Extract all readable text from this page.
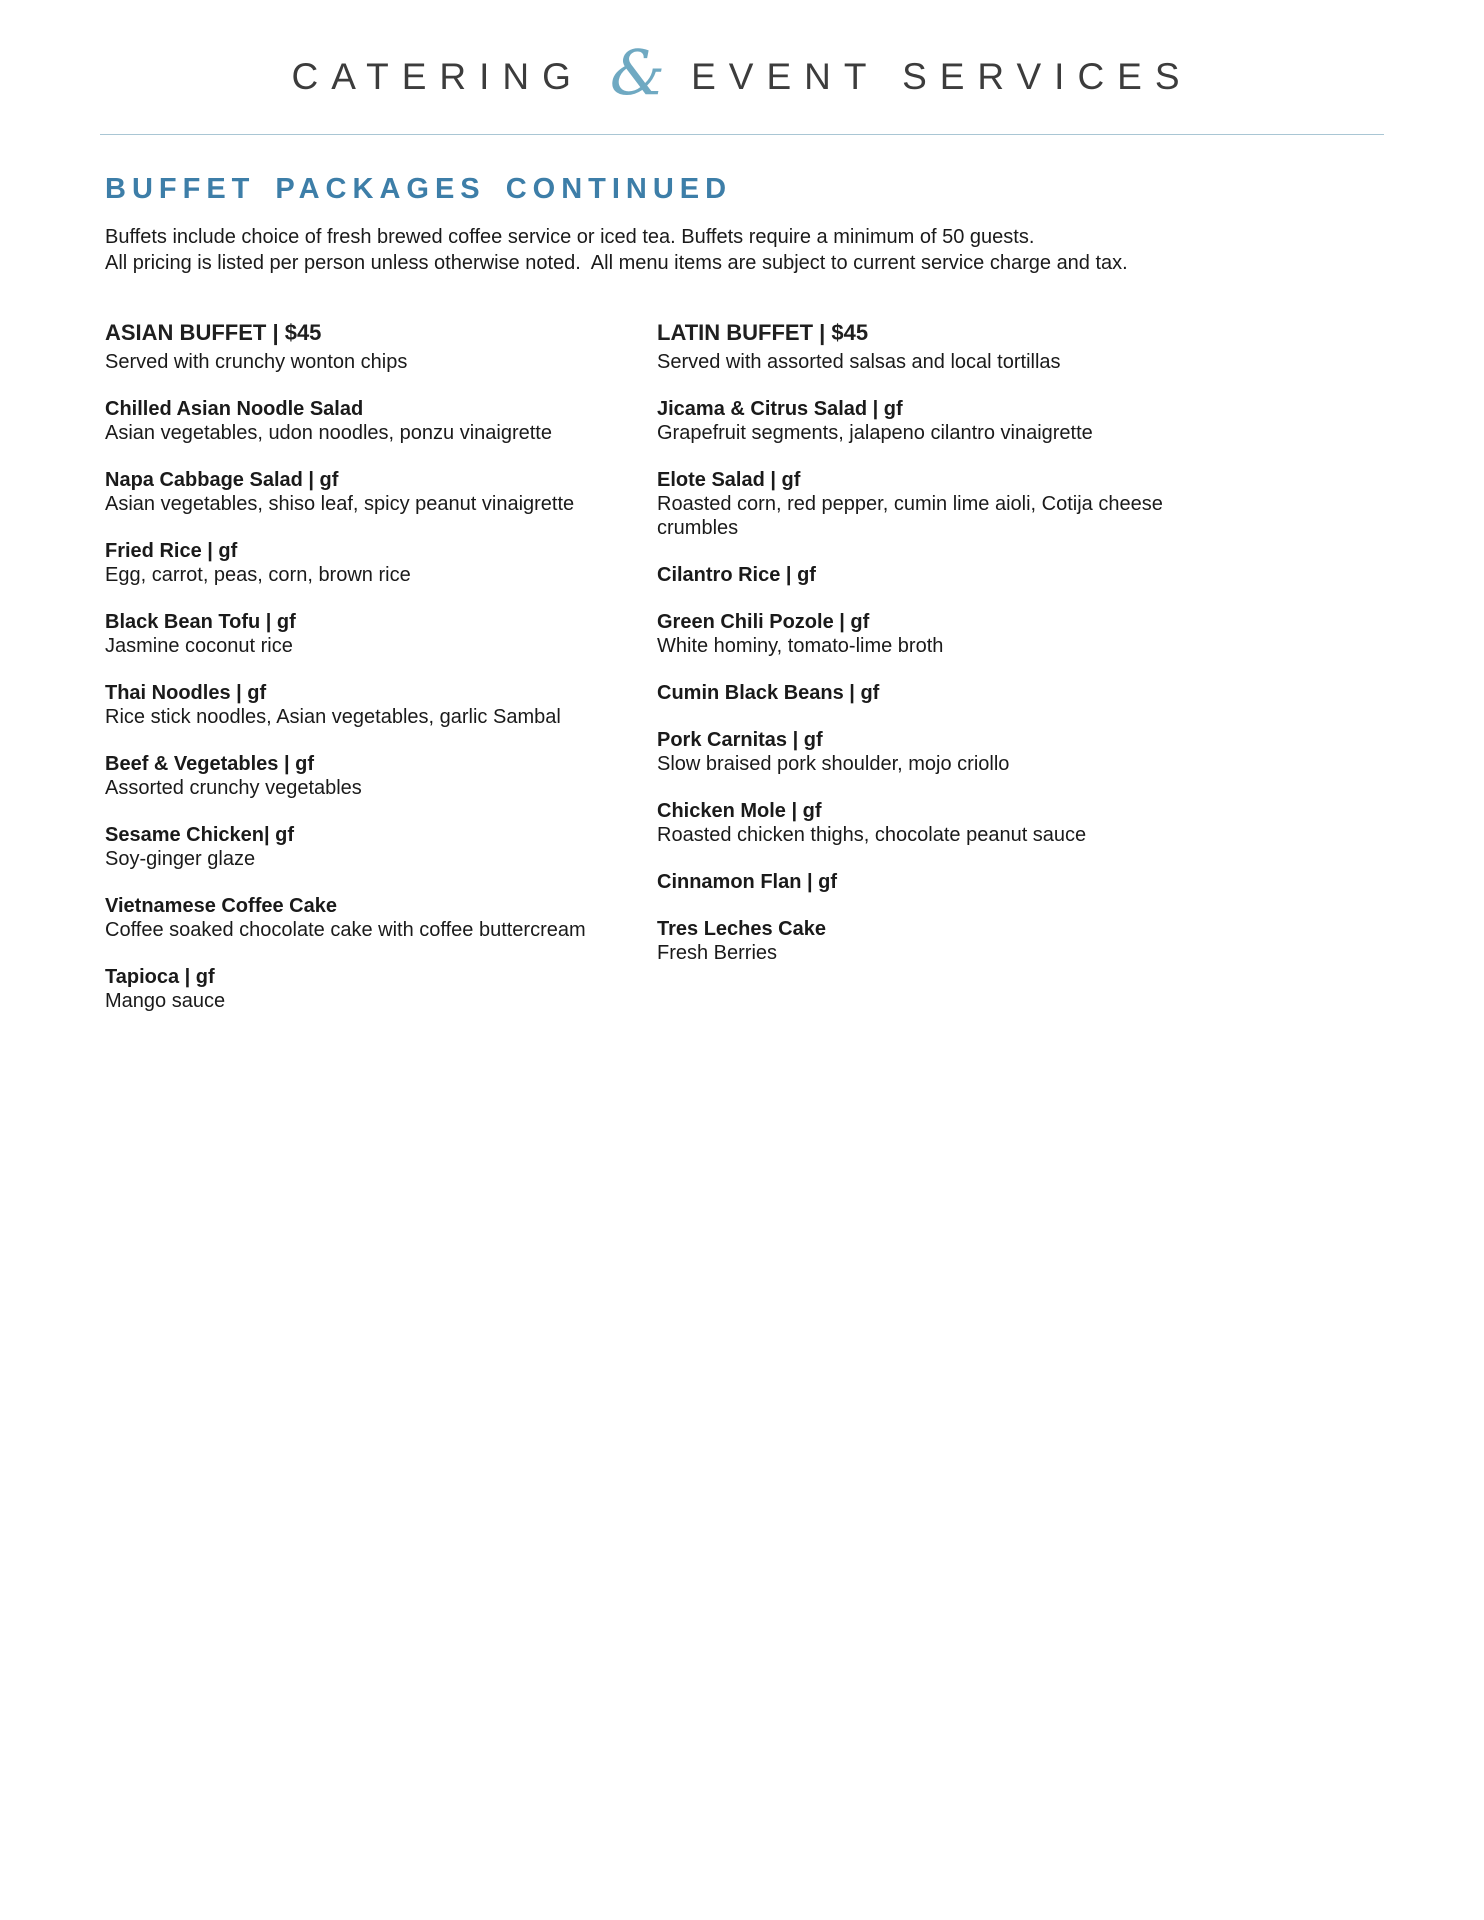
CATERING & EVENT SERVICES
BUFFET PACKAGES CONTINUED
Buffets include choice of fresh brewed coffee service or iced tea. Buffets require a minimum of 50 guests.
All pricing is listed per person unless otherwise noted.  All menu items are subject to current service charge and tax.
ASIAN BUFFET | $45
Served with crunchy wonton chips
Chilled Asian Noodle Salad
Asian vegetables, udon noodles, ponzu vinaigrette
Napa Cabbage Salad | gf
Asian vegetables, shiso leaf, spicy peanut vinaigrette
Fried Rice | gf
Egg, carrot, peas, corn, brown rice
Black Bean Tofu | gf
Jasmine coconut rice
Thai Noodles | gf
Rice stick noodles, Asian vegetables, garlic Sambal
Beef & Vegetables | gf
Assorted crunchy vegetables
Sesame Chicken| gf
Soy-ginger glaze
Vietnamese Coffee Cake
Coffee soaked chocolate cake with coffee buttercream
Tapioca | gf
Mango sauce
LATIN BUFFET | $45
Served with assorted salsas and local tortillas
Jicama & Citrus Salad | gf
Grapefruit segments, jalapeno cilantro vinaigrette
Elote Salad | gf
Roasted corn, red pepper, cumin lime aioli, Cotija cheese crumbles
Cilantro Rice | gf
Green Chili Pozole | gf
White hominy, tomato-lime broth
Cumin Black Beans | gf
Pork Carnitas | gf
Slow braised pork shoulder, mojo criollo
Chicken Mole | gf
Roasted chicken thighs, chocolate peanut sauce
Cinnamon Flan | gf
Tres Leches Cake
Fresh Berries
